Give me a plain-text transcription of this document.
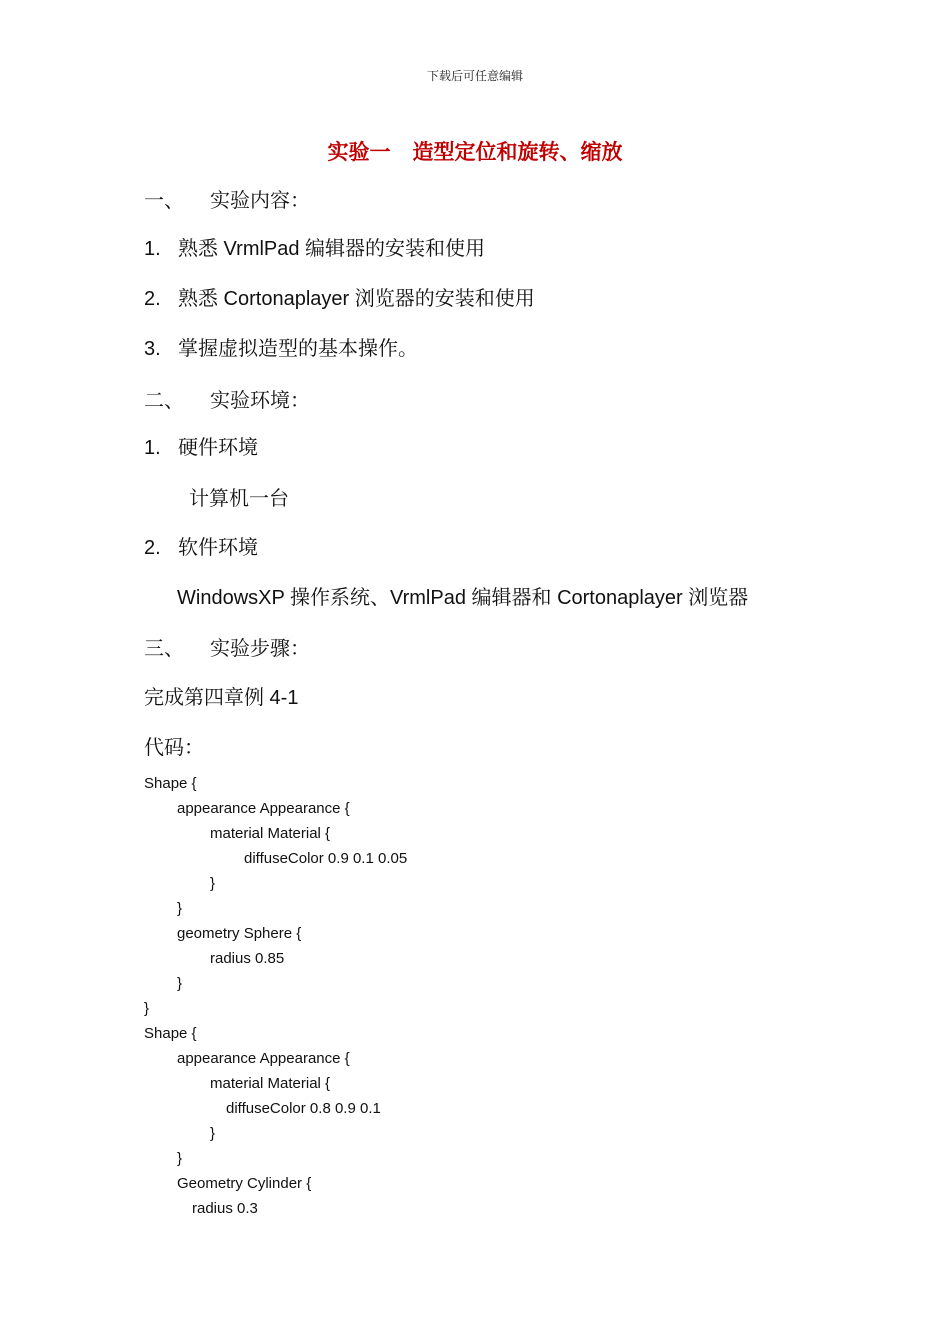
下载后可任意编辑
实验一 造型定位和旋转、缩放
一、 实验内容：
1. 熟悉 VrmlPad 编辑器的安装和使用
2. 熟悉 Cortonaplayer 浏览器的安装和使用
3. 掌握虚拟造型的基本操作。
二、 实验环境：
1. 硬件环境
计算机一台
2. 软件环境
WindowsXP 操作系统、VrmlPad 编辑器和 Cortonaplayer 浏览器
三、 实验步骤：
完成第四章例 4-1
代码：
Shape {
appearance Appearance {
material Material {
diffuseColor 0.9 0.1 0.05
}
}
geometry Sphere {
radius 0.85
}
}
Shape {
appearance Appearance {
material Material {
diffuseColor 0.8 0.9 0.1
}
}
Geometry Cylinder {
radius 0.3
